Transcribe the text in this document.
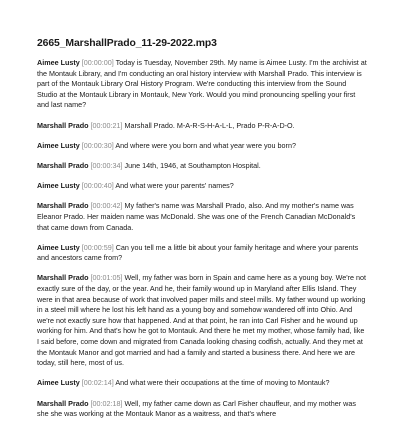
2665_MarshallPrado_11-29-2022.mp3

Aimee Lusty [00:00:00] Today is Tuesday, November 29th. My name is Aimee Lusty. I'm the archivist at the Montauk Library, and I'm conducting an oral history interview with Marshall Prado. This interview is part of the Montauk Library Oral History Program. We're conducting this interview from the Sound Studio at the Montauk Library in Montauk, New York. Would you mind pronouncing spelling your first and last name?

Marshall Prado [00:00:21] Marshall Prado. M-A-R-S-H-A-L-L, Prado P-R-A-D-O.

Aimee Lusty [00:00:30] And where were you born and what year were you born?

Marshall Prado [00:00:34] June 14th, 1946, at Southampton Hospital.

Aimee Lusty [00:00:40] And what were your parents' names?

Marshall Prado [00:00:42] My father's name was Marshall Prado, also. And my mother's name was Eleanor Prado. Her maiden name was McDonald. She was one of the French Canadian McDonald's that came down from Canada.

Aimee Lusty [00:00:59] Can you tell me a little bit about your family heritage and where your parents and ancestors came from?

Marshall Prado [00:01:05] Well, my father was born in Spain and came here as a young boy. We're not exactly sure of the day, or the year. And he, their family wound up in Maryland after Ellis Island. They were in that area because of work that involved paper mills and steel mills. My father wound up working in a steel mill where he lost his left hand as a young boy and somehow wandered off into Ohio. And we're not exactly sure how that happened. And at that point, he ran into Carl Fisher and he wound up working for him. And that's how he got to Montauk. And there he met my mother, whose family had, like I said before, come down and migrated from Canada looking chasing codfish, actually. And they met at the Montauk Manor and got married and had a family and started a business there. And here we are today, still here, most of us.

Aimee Lusty [00:02:14] And what were their occupations at the time of moving to Montauk?

Marshall Prado [00:02:18] Well, my father came down as Carl Fisher chauffeur, and my mother was she she was working at the Montauk Manor as a waitress, and that's where
